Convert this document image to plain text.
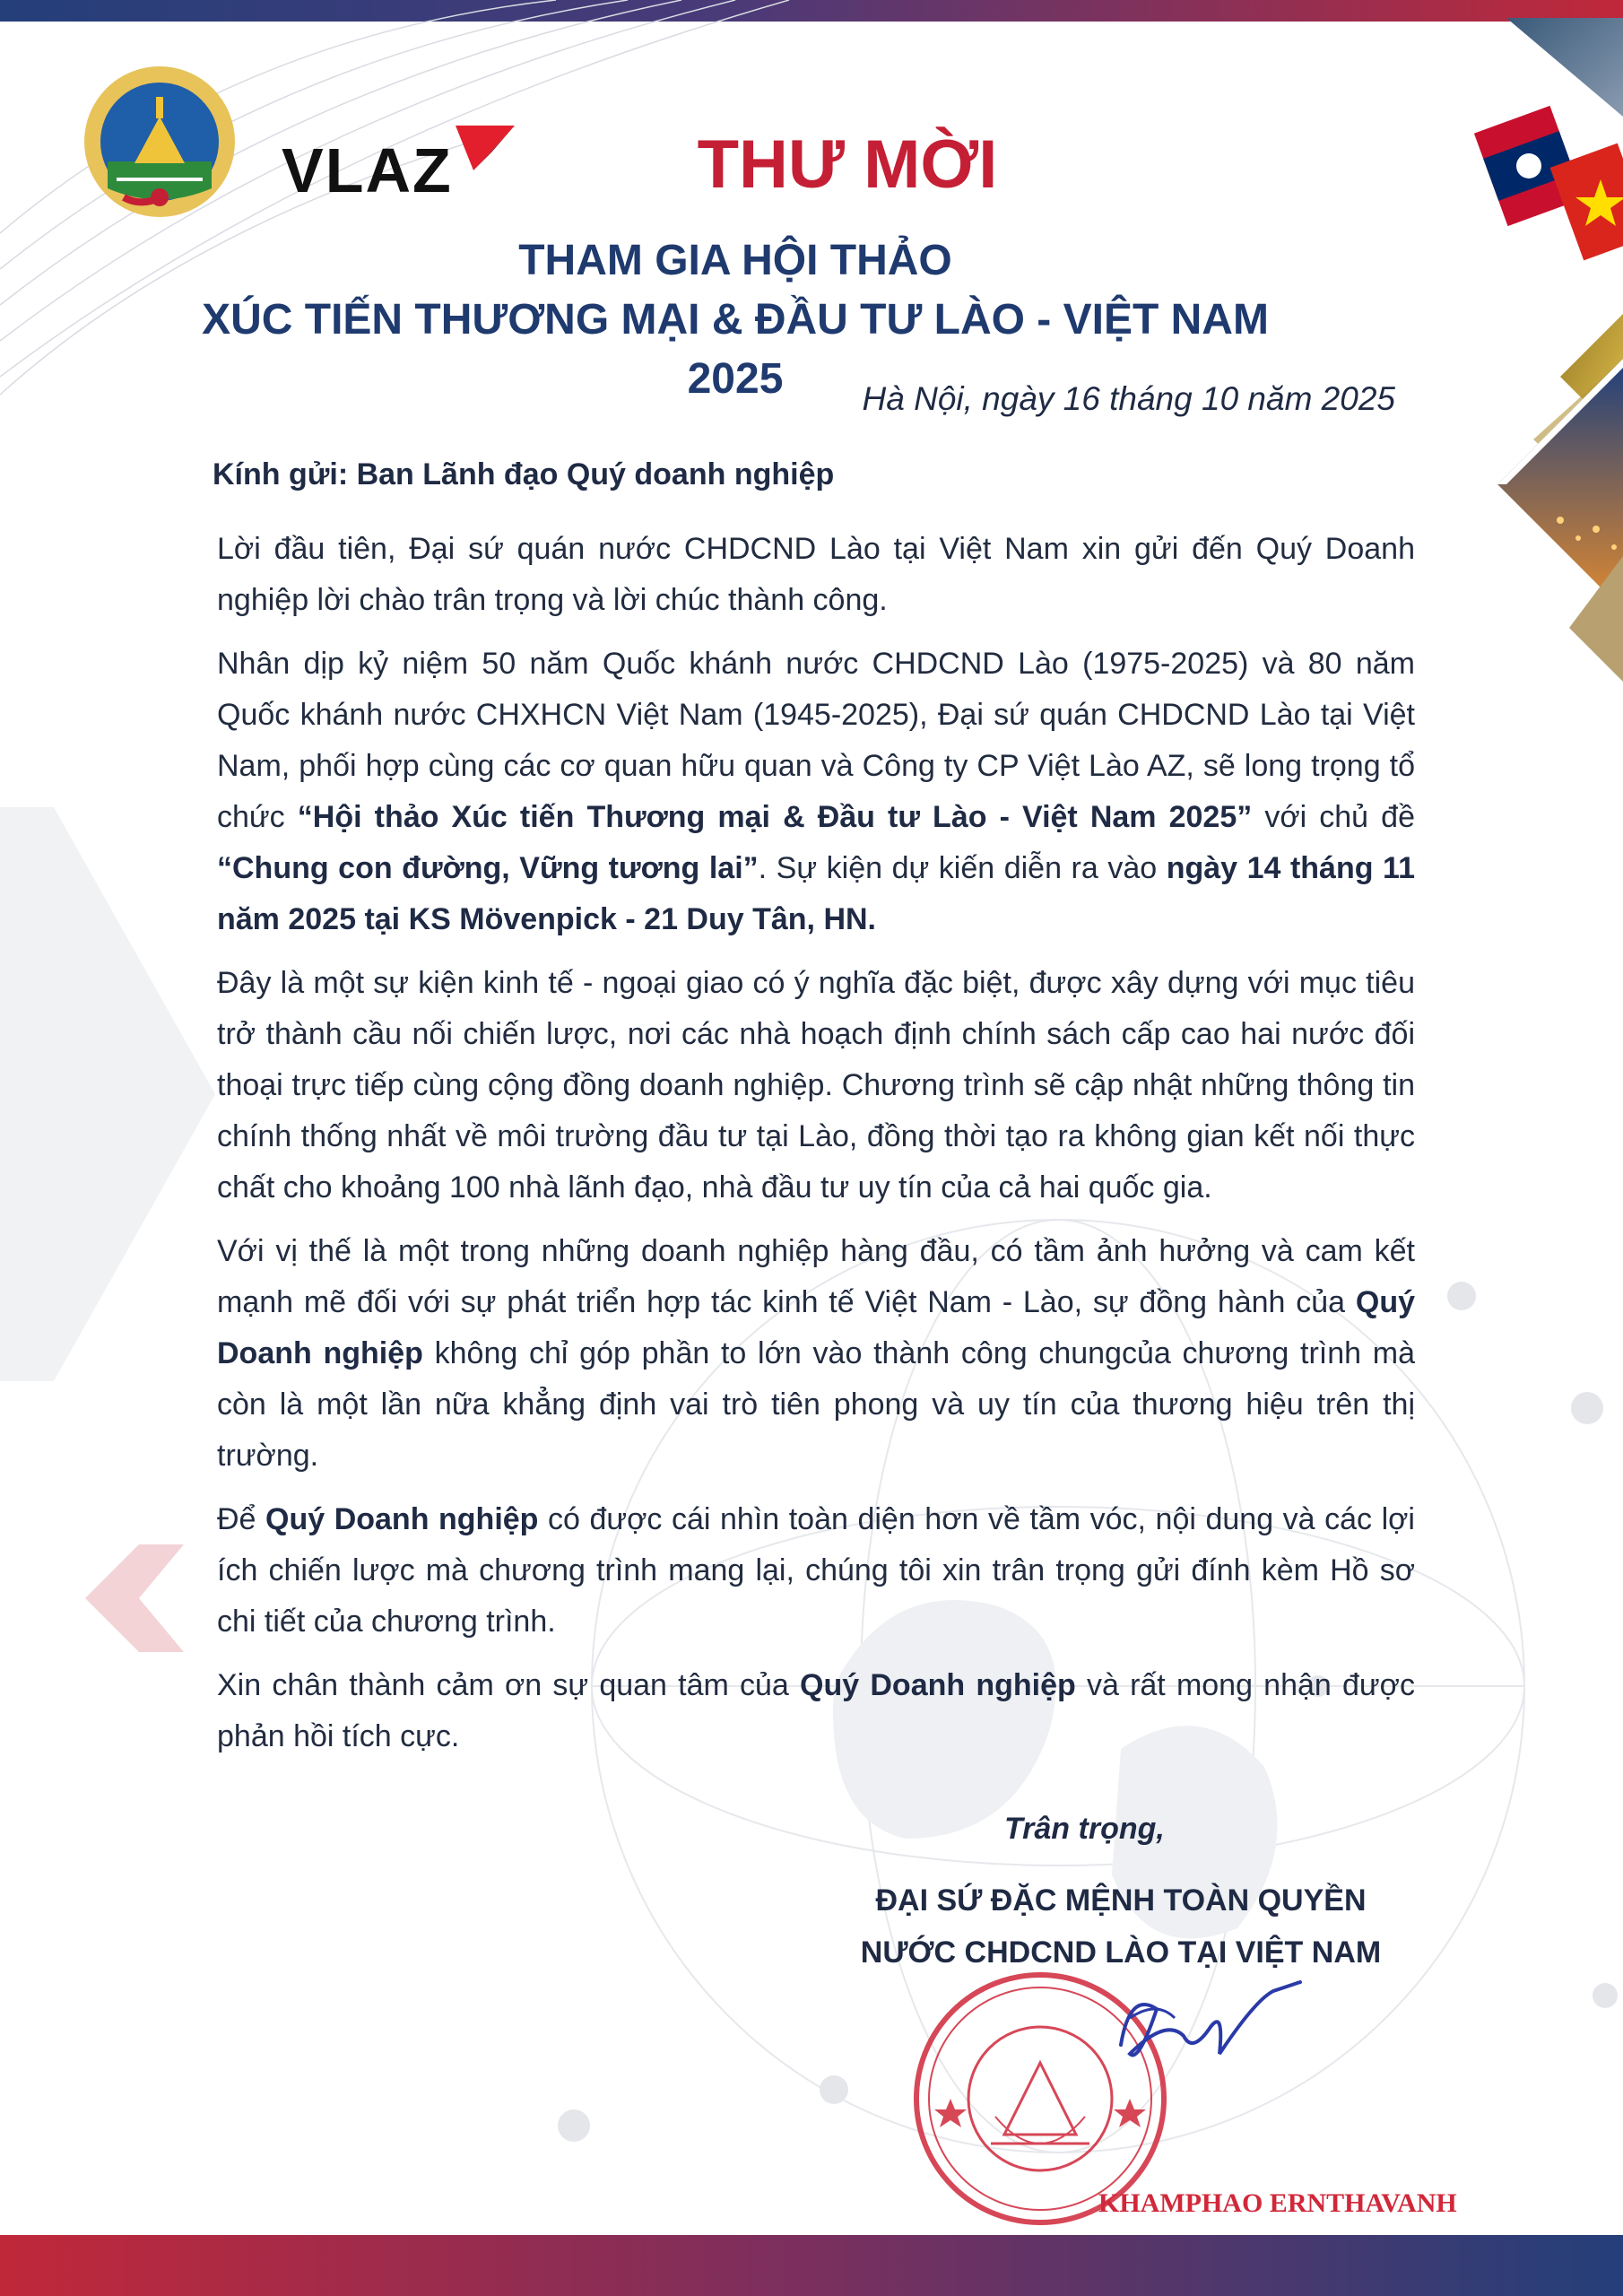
VLAZ	THƯ MỜI
THAM GIA HỘI THẢO
XÚC TIẾN THƯƠNG MẠI & ĐẦU TƯ LÀO - VIỆT NAM 2025	Hà Nội, ngày 16 tháng 10 năm 2025
Kính gửi: Ban Lãnh đạo Quý doanh nghiệp

Lời đầu tiên, Đại sứ quán nước CHDCND Lào tại Việt Nam xin gửi đến Quý Doanh nghiệp lời chào trân trọng và lời chúc thành công.

Nhân dịp kỷ niệm 50 năm Quốc khánh nước CHDCND Lào (1975-2025) và 80 năm Quốc khánh nước CHXHCN Việt Nam (1945-2025), Đại sứ quán CHDCND Lào tại Việt Nam, phối hợp cùng các cơ quan hữu quan và Công ty CP Việt Lào AZ, sẽ long trọng tổ chức “Hội thảo Xúc tiến Thương mại & Đầu tư Lào - Việt Nam 2025” với chủ đề “Chung con đường, Vững tương lai”. Sự kiện dự kiến diễn ra vào ngày 14 tháng 11 năm 2025 tại KS Mövenpick - 21 Duy Tân, HN.

Đây là một sự kiện kinh tế - ngoại giao có ý nghĩa đặc biệt, được xây dựng với mục tiêu trở thành cầu nối chiến lược, nơi các nhà hoạch định chính sách cấp cao hai nước đối thoại trực tiếp cùng cộng đồng doanh nghiệp. Chương trình sẽ cập nhật những thông tin chính thống nhất về môi trường đầu tư tại Lào, đồng thời tạo ra không gian kết nối thực chất cho khoảng 100 nhà lãnh đạo, nhà đầu tư uy tín của cả hai quốc gia.

Với vị thế là một trong những doanh nghiệp hàng đầu, có tầm ảnh hưởng và cam kết mạnh mẽ đối với sự phát triển hợp tác kinh tế Việt Nam - Lào, sự đồng hành của Quý Doanh nghiệp không chỉ góp phần to lớn vào thành công chungcủa chương trình mà còn là một lần nữa khẳng định vai trò tiên phong và uy tín của thương hiệu trên thị trường.

Để Quý Doanh nghiệp có được cái nhìn toàn diện hơn về tầm vóc, nội dung và các lợi ích chiến lược mà chương trình mang lại, chúng tôi xin trân trọng gửi đính kèm Hồ sơ chi tiết của chương trình.

Xin chân thành cảm ơn sự quan tâm của Quý Doanh nghiệp và rất mong nhận được phản hồi tích cực.

Trân trọng,
ĐẠI SỨ ĐẶC MỆNH TOÀN QUYỀN
NƯỚC CHDCND LÀO TẠI VIỆT NAM
KHAMPHAO ERNTHAVANH
